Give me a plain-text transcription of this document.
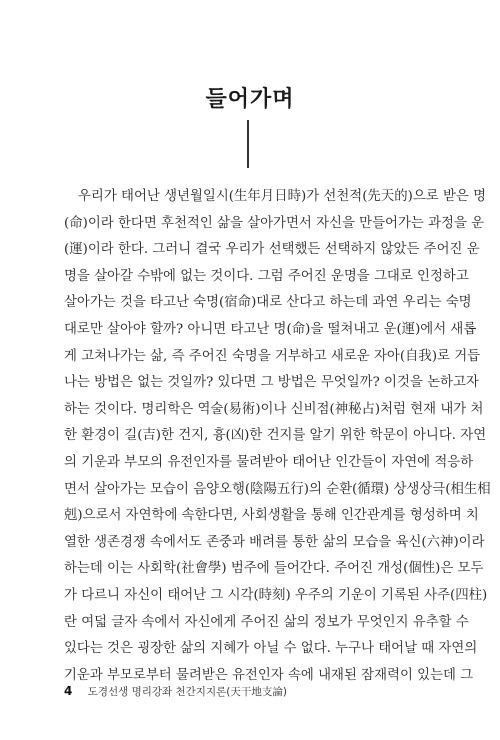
들어가며
우리가 태어난 생년월일시(生年月日時)가 선천적(先天的)으로 받은 명
(命)이라 한다면 후천적인 삶을 살아가면서 자신을 만들어가는 과정을 운
(運)이라 한다. 그러니 결국 우리가 선택했든 선택하지 않았든 주어진 운
명을 살아갈 수밖에 없는 것이다. 그럼 주어진 운명을 그대로 인정하고
살아가는 것을 타고난 숙명(宿命)대로 산다고 하는데 과연 우리는 숙명
대로만 살아야 할까? 아니면 타고난 명(命)을 떨쳐내고 운(運)에서 새롭
게 고쳐나가는 삶, 즉 주어진 숙명을 거부하고 새로운 자아(自我)로 거듭
나는 방법은 없는 것일까? 있다면 그 방법은 무엇일까? 이것을 논하고자
하는 것이다. 명리학은 역술(易術)이나 신비점(神秘占)처럼 현재 내가 처
한 환경이 길(吉)한 건지, 흉(凶)한 건지를 알기 위한 학문이 아니다. 자연
의 기운과 부모의 유전인자를 물려받아 태어난 인간들이 자연에 적응하
면서 살아가는 모습이 음양오행(陰陽五行)의 순환(循環) 상생상극(相生相
剋)으로서 자연학에 속한다면, 사회생활을 통해 인간관계를 형성하며 치
열한 생존경쟁 속에서도 존중과 배려를 통한 삶의 모습을 육신(六神)이라
하는데 이는 사회학(社會學) 범주에 들어간다. 주어진 개성(個性)은 모두
가 다르니 자신이 태어난 그 시각(時刻) 우주의 기운이 기록된 사주(四柱)
란 여덟 글자 속에서 자신에게 주어진 삶의 정보가 무엇인지 유추할 수
있다는 것은 굉장한 삶의 지혜가 아닐 수 없다. 누구나 태어날 때 자연의
기운과 부모로부터 물려받은 유전인자 속에 내재된 잠재력이 있는데 그
4 도경선생 명리강좌 천간지지론(天干地支論)
